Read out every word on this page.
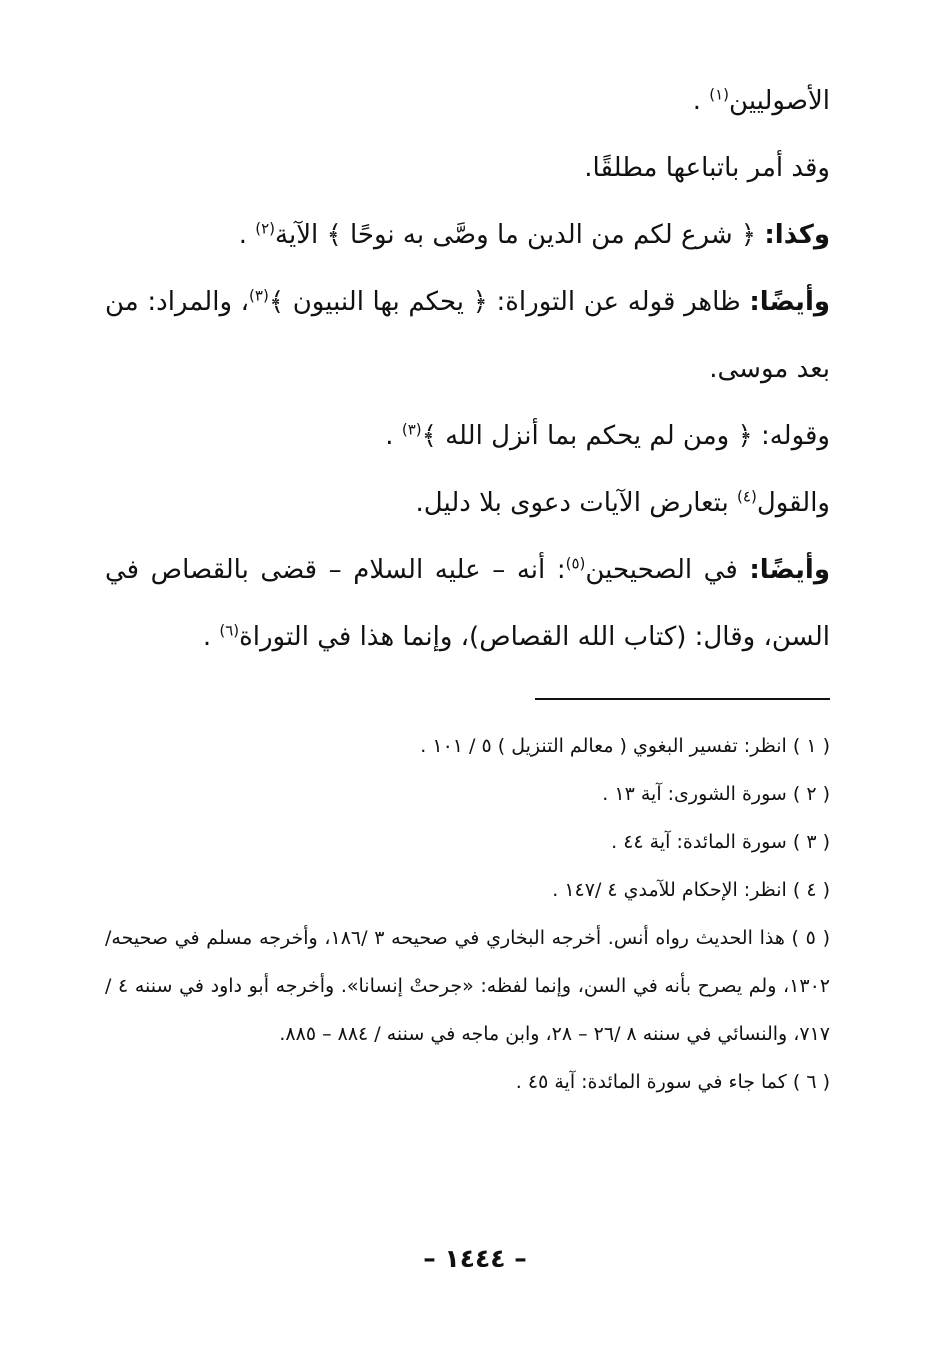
الأصوليين$^{(١)}$ .

وقد أمر باتباعها مطلقًا.

وكذا: ﴿ شرع لكم من الدين ما وصَّى به نوحًا ﴾ الآية$^{(٢)}$ .

وأيضًا: ظاهر قوله عن التوراة: ﴿ يحكم بها النبيون ﴾$^{(٣)}$، والمراد: من بعد موسى.

وقوله: ﴿ ومن لم يحكم بما أنزل الله ﴾$^{(٣)}$ .

والقول$^{(٤)}$ بتعارض الآيات دعوى بلا دليل.

وأيضًا: في الصحيحين$^{(٥)}$: أنه – عليه السلام – قضى بالقصاص في السن، وقال: (كتاب الله القصاص)، وإنما هذا في التوراة$^{(٦)}$ .

( ١ ) انظر: تفسير البغوي ( معالم التنزيل ) ٥ / ١٠١ .

( ٢ ) سورة الشورى: آية ١٣ .

( ٣ ) سورة المائدة: آية ٤٤ .

( ٤ ) انظر: الإحكام للآمدي ٤ /١٤٧ .

( ٥ ) هذا الحديث رواه أنس. أخرجه البخاري في صحيحه ٣ /١٨٦، وأخرجه مسلم في صحيحه/ ١٣٠٢، ولم يصرح بأنه في السن، وإنما لفظه: «جرحتْ إنسانا». وأخرجه أبو داود في سننه ٤ /٧١٧، والنسائي في سننه ٨ /٢٦ – ٢٨، وابن ماجه في سننه / ٨٨٤ – ٨٨٥.

( ٦ ) كما جاء في سورة المائدة: آية ٤٥ .

– ١٤٤٤ –
